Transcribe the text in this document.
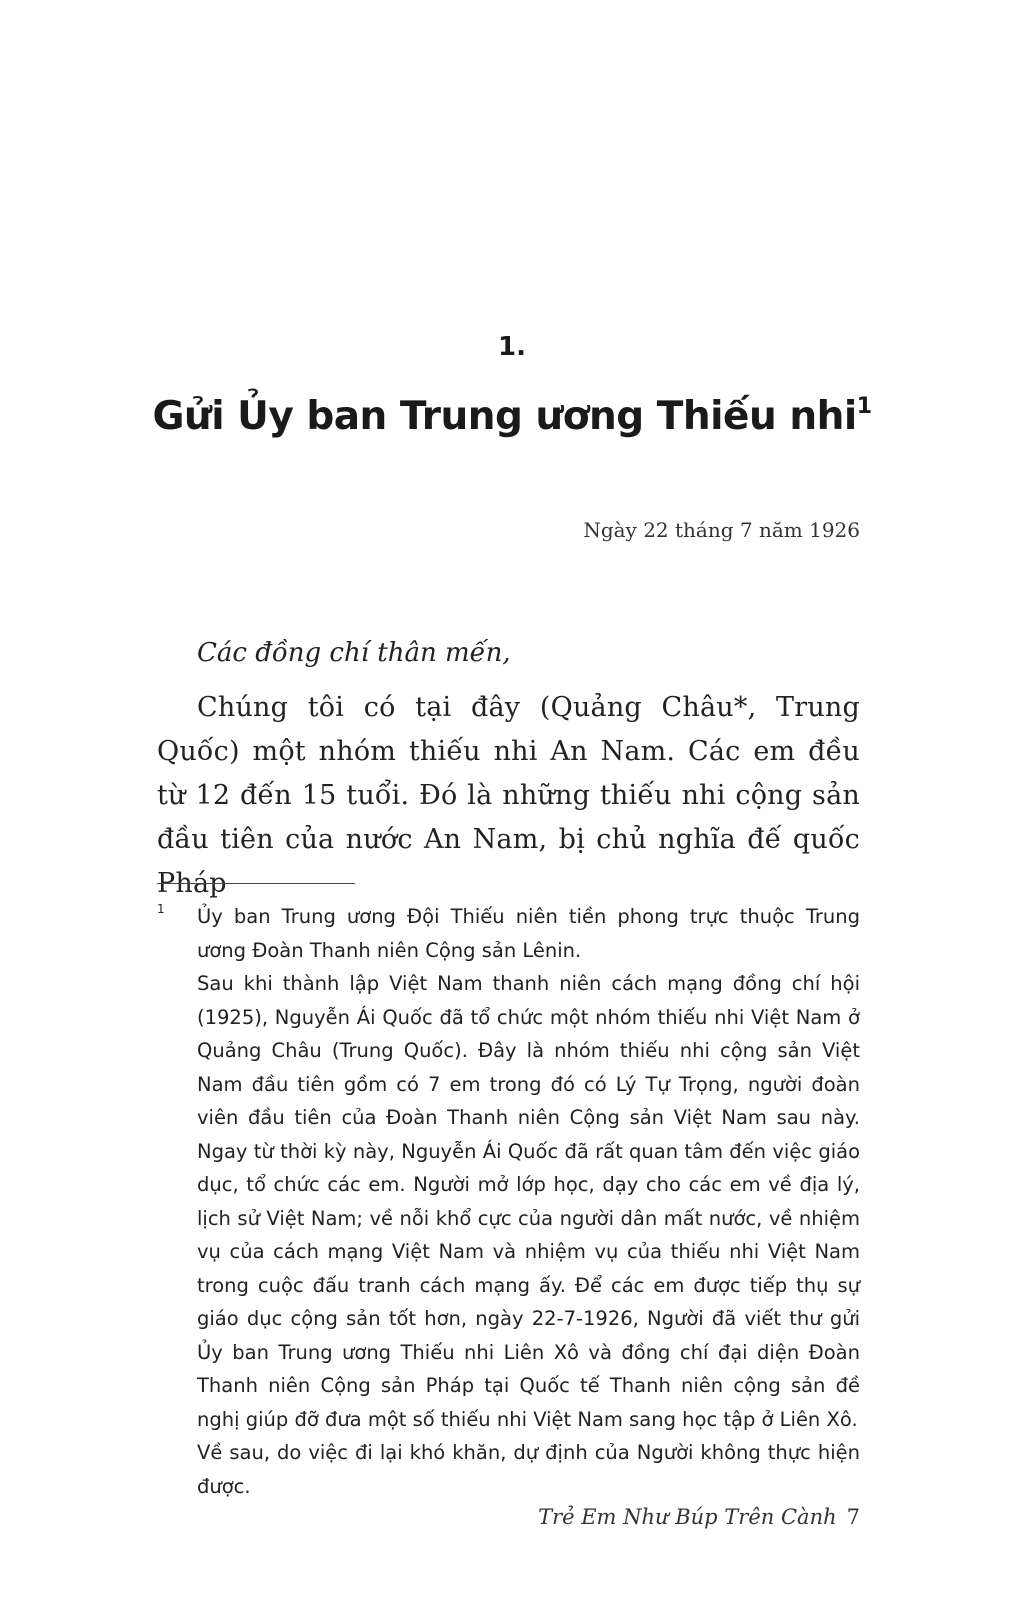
1.
Gửi Ủy ban Trung ương Thiếu nhi$^1$
Ngày 22 tháng 7 năm 1926
Các đồng chí thân mến,

Chúng tôi có tại đây (Quảng Châu*, Trung Quốc) một nhóm thiếu nhi An Nam. Các em đều từ 12 đến 15 tuổi. Đó là những thiếu nhi cộng sản đầu tiên của nước An Nam, bị chủ nghĩa đế quốc Pháp

1 Ủy ban Trung ương Đội Thiếu niên tiền phong trực thuộc Trung ương Đoàn Thanh niên Cộng sản Lênin.

Sau khi thành lập Việt Nam thanh niên cách mạng đồng chí hội (1925), Nguyễn Ái Quốc đã tổ chức một nhóm thiếu nhi Việt Nam ở Quảng Châu (Trung Quốc). Đây là nhóm thiếu nhi cộng sản Việt Nam đầu tiên gồm có 7 em trong đó có Lý Tự Trọng, người đoàn viên đầu tiên của Đoàn Thanh niên Cộng sản Việt Nam sau này. Ngay từ thời kỳ này, Nguyễn Ái Quốc đã rất quan tâm đến việc giáo dục, tổ chức các em. Người mở lớp học, dạy cho các em về địa lý, lịch sử Việt Nam; về nỗi khổ cực của người dân mất nước, về nhiệm vụ của cách mạng Việt Nam và nhiệm vụ của thiếu nhi Việt Nam trong cuộc đấu tranh cách mạng ấy. Để các em được tiếp thụ sự giáo dục cộng sản tốt hơn, ngày 22-7-1926, Người đã viết thư gửi Ủy ban Trung ương Thiếu nhi Liên Xô và đồng chí đại diện Đoàn Thanh niên Cộng sản Pháp tại Quốc tế Thanh niên cộng sản đề nghị giúp đỡ đưa một số thiếu nhi Việt Nam sang học tập ở Liên Xô.

Về sau, do việc đi lại khó khăn, dự định của Người không thực hiện được.

Trẻ Em Như Búp Trên Cành 7
